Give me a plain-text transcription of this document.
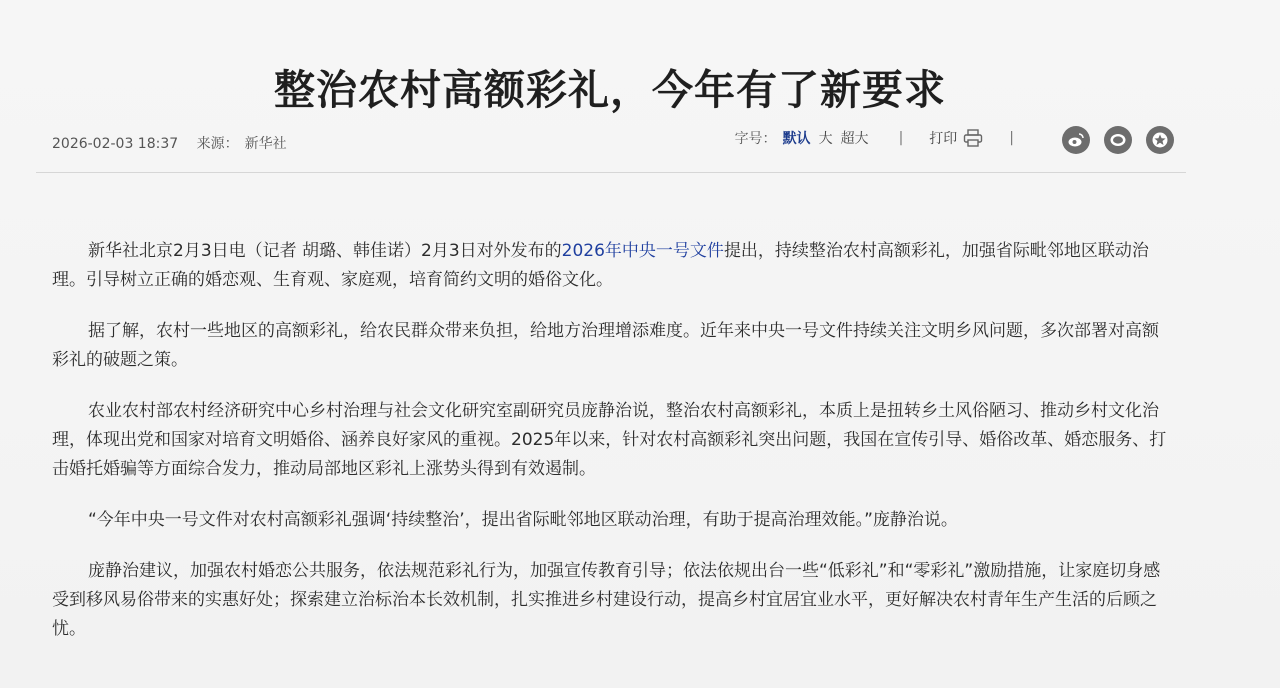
整治农村高额彩礼，今年有了新要求
2026-02-03 18:37 来源： 新华社	字号： 默认 大 超大 | 打印	|

新华社北京2月3日电（记者 胡璐、韩佳诺）2月3日对外发布的2026年中央一号文件提出，持续整治农村高额彩礼，加强省际毗邻地区联动治理。引导树立正确的婚恋观、生育观、家庭观，培育简约文明的婚俗文化。

据了解，农村一些地区的高额彩礼，给农民群众带来负担，给地方治理增添难度。近年来中央一号文件持续关注文明乡风问题，多次部署对高额彩礼的破题之策。

农业农村部农村经济研究中心乡村治理与社会文化研究室副研究员庞静治说，整治农村高额彩礼，本质上是扭转乡土风俗陋习、推动乡村文化治理，体现出党和国家对培育文明婚俗、涵养良好家风的重视。2025年以来，针对农村高额彩礼突出问题，我国在宣传引导、婚俗改革、婚恋服务、打击婚托婚骗等方面综合发力，推动局部地区彩礼上涨势头得到有效遏制。

“今年中央一号文件对农村高额彩礼强调‘持续整治’，提出省际毗邻地区联动治理，有助于提高治理效能。”庞静治说。

庞静治建议，加强农村婚恋公共服务，依法规范彩礼行为，加强宣传教育引导；依法依规出台一些“低彩礼”和“零彩礼”激励措施，让家庭切身感受到移风易俗带来的实惠好处；探索建立治标治本长效机制，扎实推进乡村建设行动，提高乡村宜居宜业水平，更好解决农村青年生产生活的后顾之忧。
